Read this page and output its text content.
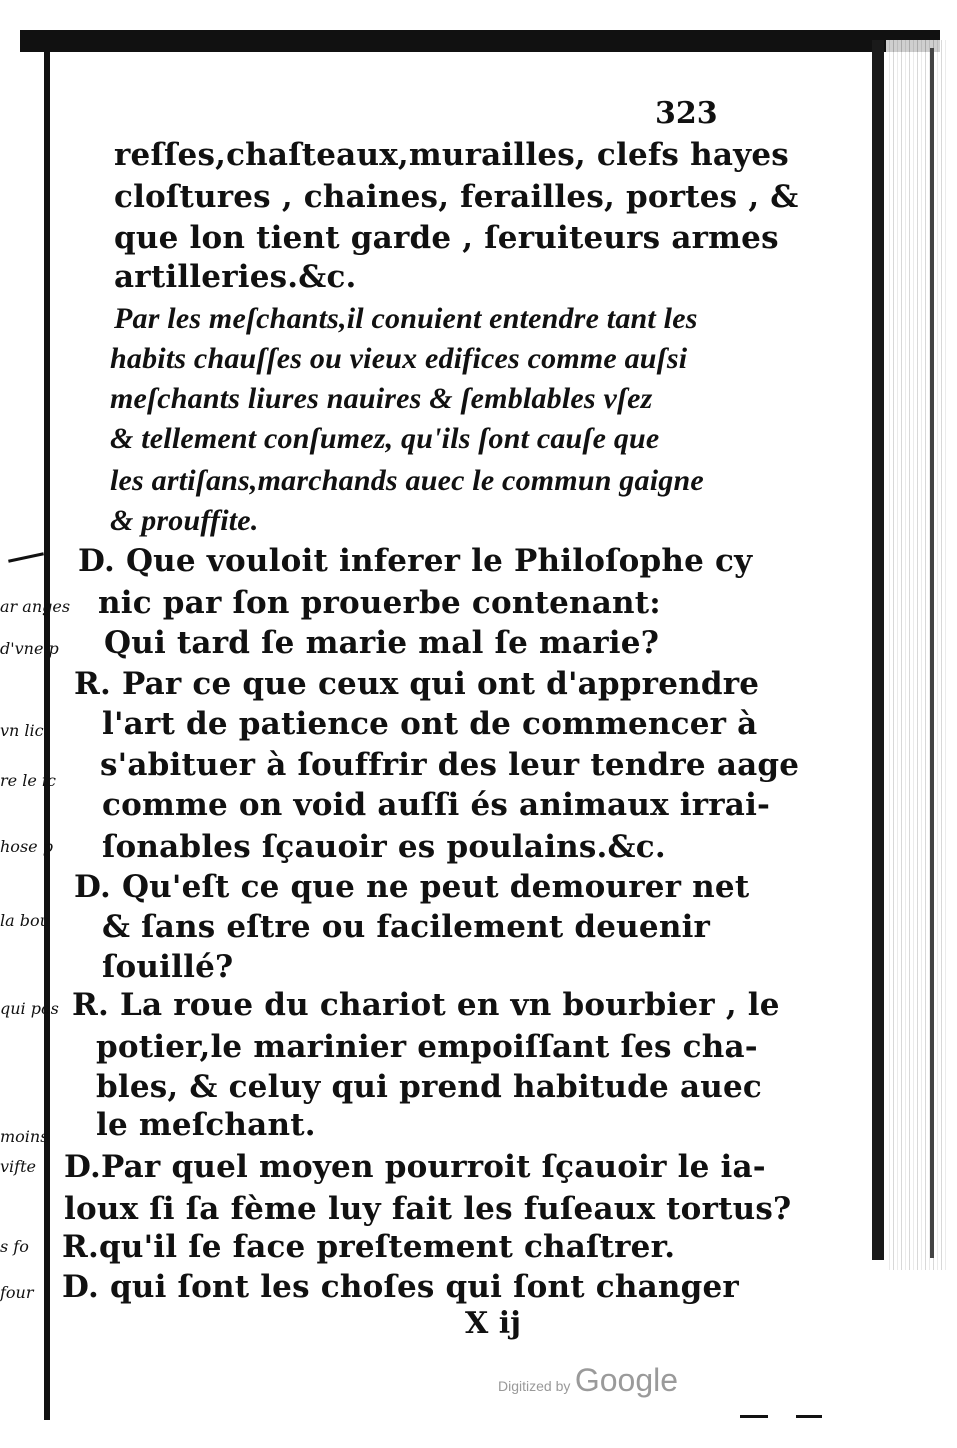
ar anges
d'vne p
vn lic
re le ic
hose p
la bou
qui pos
moins
vifte
s fo
four
323
reſſes,chaſteaux,murailles, clefs hayes
cloſtures , chaines, ferailles, portes , &
que lon tient garde , ſeruiteurs armes
artilleries.&c.
Par les meſchants,il conuient entendre tant les
habits chauſſes ou vieux edifices comme auſsi
meſchants liures nauires & ſemblables vſez
& tellement conſumez, qu'ils ſont cauſe que
les artiſans,marchands auec le commun gaigne
& prouffite.
D. Que vouloit inferer le Philoſophe cy
nic par ſon prouerbe contenant:
Qui tard ſe marie mal ſe marie?
R. Par ce que ceux qui ont d'apprendre
l'art de patience ont de commencer à
s'abituer à ſouffrir des leur tendre aage
comme on void auſſi és animaux irrai-
ſonables ſçauoir es poulains.&c.
D. Qu'eſt ce que ne peut demourer net
& ſans eſtre ou facilement deuenir
ſouillé?
R. La roue du chariot en vn bourbier , le
potier,le marinier empoiſſant ſes cha-
bles, & celuy qui prend habitude auec
le meſchant.
D.Par quel moyen pourroit ſçauoir le ia-
loux ſi ſa fème luy fait les fuſeaux tortus?
R.qu'il ſe face preſtement chaſtrer.
D. qui ſont les choſes qui ſont changer
X ij
Digitized by Google
